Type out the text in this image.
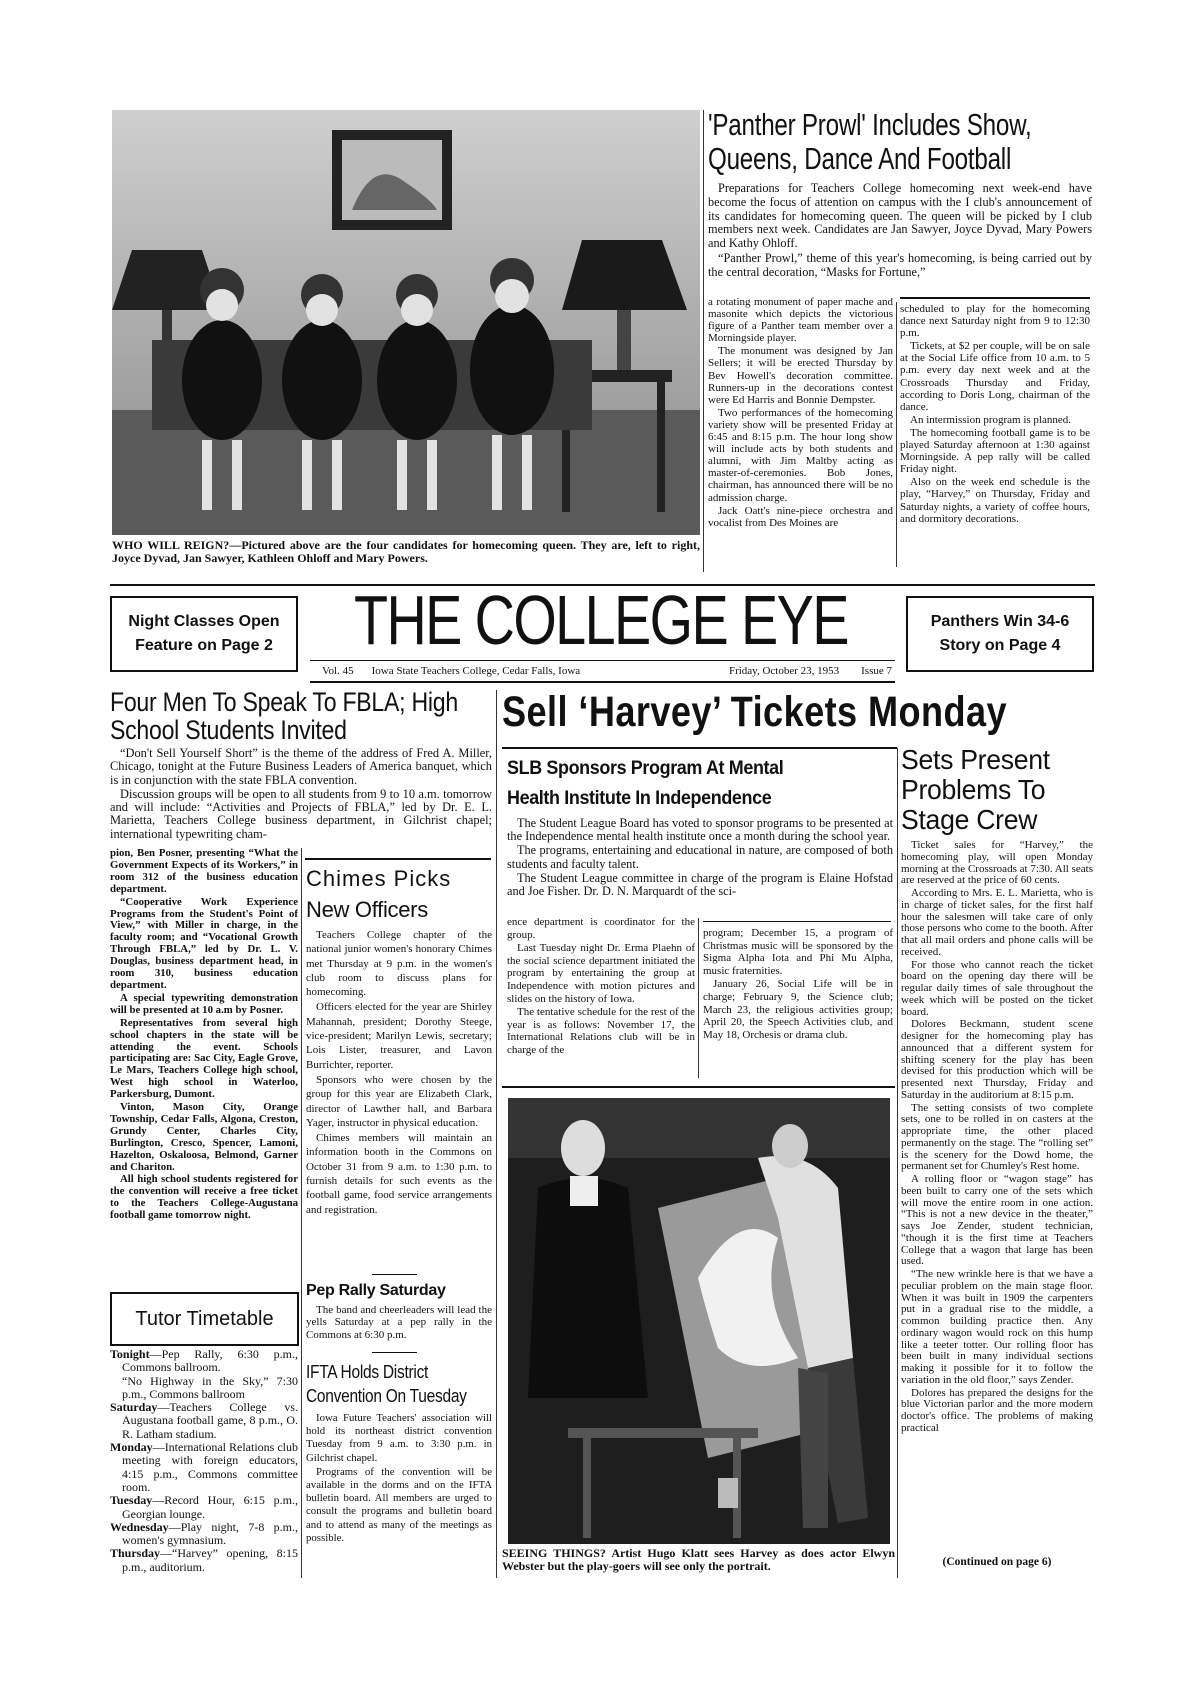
WHO WILL REIGN?—Pictured above are the four candidates for homecoming queen. They are, left to right, Joyce Dyvad, Jan Sawyer, Kathleen Ohloff and Mary Powers.
'Panther Prowl' Includes Show, Queens, Dance And Football

Preparations for Teachers College homecoming next week-end have become the focus of attention on campus with the I club's announcement of its candidates for homecoming queen. The queen will be picked by I club members next week. Candidates are Jan Sawyer, Joyce Dyvad, Mary Powers and Kathy Ohloff.

“Panther Prowl,” theme of this year's homecoming, is being carried out by the central decoration, “Masks for Fortune,”

a rotating monument of paper mache and masonite which depicts the victorious figure of a Panther team member over a Morningside player.

The monument was designed by Jan Sellers; it will be erected Thursday by Bev Howell's decoration committee. Runners-up in the decorations contest were Ed Harris and Bonnie Dempster.

Two performances of the homecoming variety show will be presented Friday at 6:45 and 8:15 p.m. The hour long show will include acts by both students and alumni, with Jim Maltby acting as master-of-ceremonies. Bob Jones, chairman, has announced there will be no admission charge.

Jack Oatt's nine-piece orchestra and vocalist from Des Moines are

scheduled to play for the homecoming dance next Saturday night from 9 to 12:30 p.m.

Tickets, at $2 per couple, will be on sale at the Social Life office from 10 a.m. to 5 p.m. every day next week and at the Crossroads Thursday and Friday, according to Doris Long, chairman of the dance.

An intermission program is planned.

The homecoming football game is to be played Saturday afternoon at 1:30 against Morningside. A pep rally will be called Friday night.

Also on the week end schedule is the play, “Harvey,” on Thursday, Friday and Saturday nights, a variety of coffee hours, and dormitory decorations.

Night Classes Open
Feature on Page 2	THE COLLEGE EYE
Vol. 45 Iowa State Teachers College, Cedar Falls, Iowa	Friday, October 23, 1953 Issue 7
Panthers Win 34-6
Story on Page 4
Four Men To Speak To FBLA; High School Students Invited

“Don't Sell Yourself Short” is the theme of the address of Fred A. Miller, Chicago, tonight at the Future Business Leaders of America banquet, which is in conjunction with the state FBLA convention.

Discussion groups will be open to all students from 9 to 10 a.m. tomorrow and will include: “Activities and Projects of FBLA,” led by Dr. E. L. Marietta, Teachers College business department, in Gilchrist chapel; international typewriting cham-

pion, Ben Posner, presenting “What the Government Expects of its Workers,” in room 312 of the business education department.

“Cooperative Work Experience Programs from the Student's Point of View,” with Miller in charge, in the faculty room; and “Vocational Growth Through FBLA,” led by Dr. L. V. Douglas, business department head, in room 310, business education department.

A special typewriting demonstration will be presented at 10 a.m by Posner.

Representatives from several high school chapters in the state will be attending the event. Schools participating are: Sac City, Eagle Grove, Le Mars, Teachers College high school, West high school in Waterloo, Parkersburg, Dumont.

Vinton, Mason City, Orange Township, Cedar Falls, Algona, Creston, Grundy Center, Charles City, Burlington, Cresco, Spencer, Lamoni, Hazelton, Oskaloosa, Belmond, Garner and Chariton.

All high school students registered for the convention will receive a free ticket to the Teachers College-Augustana football game tomorrow night.

Chimes Picks
New Officers

Teachers College chapter of the national junior women's honorary Chimes met Thursday at 9 p.m. in the women's club room to discuss plans for homecoming.

Officers elected for the year are Shirley Mahannah, president; Dorothy Steege, vice-president; Marilyn Lewis, secretary; Lois Lister, treasurer, and Lavon Burrichter, reporter.

Sponsors who were chosen by the group for this year are Elizabeth Clark, director of Lawther hall, and Barbara Yager, instructor in physical education.

Chimes members will maintain an information booth in the Commons on October 31 from 9 a.m. to 1:30 p.m. to furnish details for such events as the football game, food service arrangements and registration.

Tutor Timetable

Tonight—Pep Rally, 6:30 p.m., Commons ballroom.

“No Highway in the Sky,” 7:30 p.m., Commons ballroom

Saturday—Teachers College vs. Augustana football game, 8 p.m., O. R. Latham stadium.

Monday—International Relations club meeting with foreign educators, 4:15 p.m., Commons committee room.

Tuesday—Record Hour, 6:15 p.m., Georgian lounge.

Wednesday—Play night, 7-8 p.m., women's gymnasium.

Thursday—“Harvey” opening, 8:15 p.m., auditorium.

Pep Rally Saturday

The band and cheerleaders will lead the yells Saturday at a pep rally in the Commons at 6:30 p.m.

IFTA Holds District
Convention On Tuesday

Iowa Future Teachers' association will hold its northeast district convention Tuesday from 9 a.m. to 3:30 p.m. in Gilchrist chapel.

Programs of the convention will be available in the dorms and on the IFTA bulletin board. All members are urged to consult the programs and bulletin board and to attend as many of the meetings as possible.

Sell ‘Harvey’ Tickets Monday
SLB Sponsors Program At Mental
Health Institute In Independence

The Student League Board has voted to sponsor programs to be presented at the Independence mental health institute once a month during the school year.

The programs, entertaining and educational in nature, are composed of both students and faculty talent.

The Student League committee in charge of the program is Elaine Hofstad and Joe Fisher. Dr. D. N. Marquardt of the sci-

ence department is coordinator for the group.

Last Tuesday night Dr. Erma Plaehn of the social science department initiated the program by entertaining the group at Independence with motion pictures and slides on the history of Iowa.

The tentative schedule for the rest of the year is as follows: November 17, the International Relations club will be in charge of the

program; December 15, a program of Christmas music will be sponsored by the Sigma Alpha Iota and Phi Mu Alpha, music fraternities.

January 26, Social Life will be in charge; February 9, the Science club; March 23, the religious activities group; April 20, the Speech Activities club, and May 18, Orchesis or drama club.

SEEING THINGS? Artist Hugo Klatt sees Harvey as does actor Elwyn Webster but the play-goers will see only the portrait.
Sets Present Problems To Stage Crew

Ticket sales for “Harvey,” the homecoming play, will open Monday morning at the Crossroads at 7:30. All seats are reserved at the price of 60 cents.

According to Mrs. E. L. Marietta, who is in charge of ticket sales, for the first half hour the salesmen will take care of only those persons who come to the booth. After that all mail orders and phone calls will be received.

For those who cannot reach the ticket board on the opening day there will be regular daily times of sale throughout the week which will be posted on the ticket board.

Dolores Beckmann, student scene designer for the homecoming play has announced that a different system for shifting scenery for the play has been devised for this production which will be presented next Thursday, Friday and Saturday in the auditorium at 8:15 p.m.

The setting consists of two complete sets, one to be rolled in on casters at the appropriate time, the other placed permanently on the stage. The “rolling set” is the scenery for the Dowd home, the permanent set for Chumley's Rest home.

A rolling floor or “wagon stage” has been built to carry one of the sets which will move the entire room in one action. “This is not a new device in the theater,” says Joe Zender, student technician, “though it is the first time at Teachers College that a wagon that large has been used.

“The new wrinkle here is that we have a peculiar problem on the main stage floor. When it was built in 1909 the carpenters put in a gradual rise to the middle, a common building practice then. Any ordinary wagon would rock on this hump like a teeter totter. Our rolling floor has been built in many individual sections making it possible for it to follow the variation in the old floor,” says Zender.

Dolores has prepared the designs for the blue Victorian parlor and the more modern doctor's office. The problems of making practical

(Continued on page 6)
